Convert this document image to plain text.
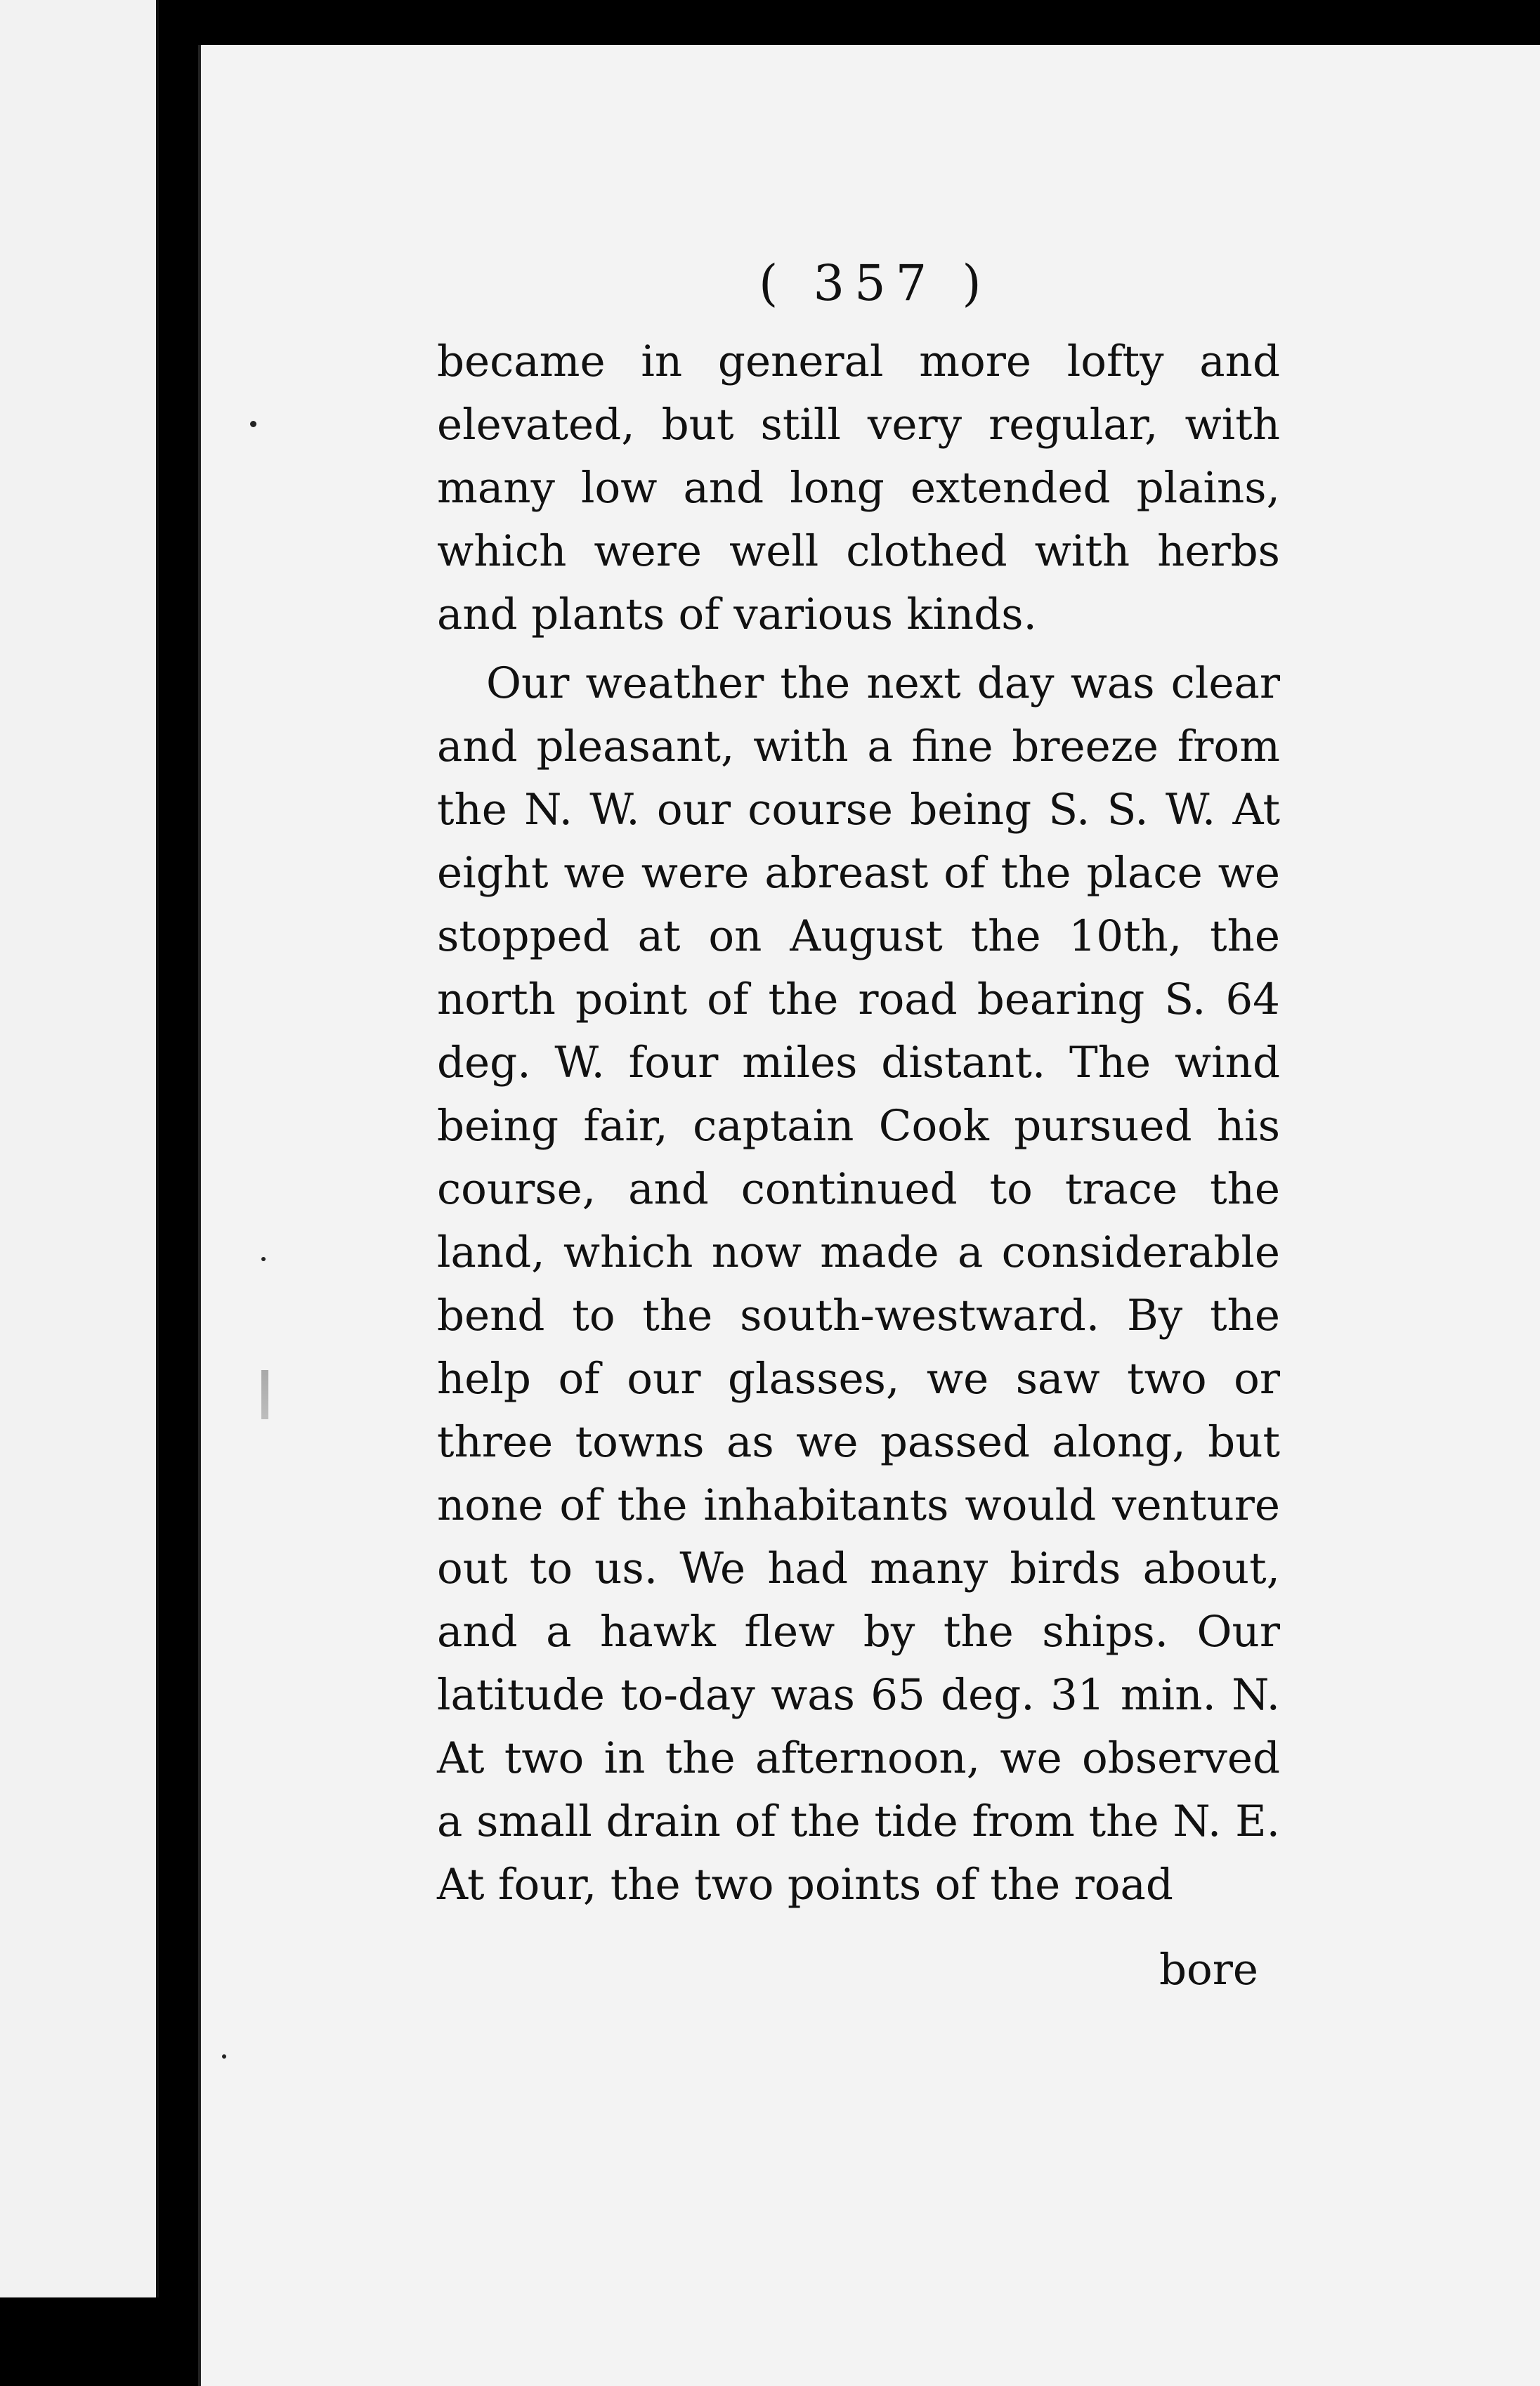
( 357 )

became in general more lofty and elevated, but still very regular, with many low and long extended plains, which were well clothed with herbs and plants of various kinds.

Our weather the next day was clear and pleasant, with a fine breeze from the N. W. our course being S. S. W. At eight we were abreast of the place we stopped at on August the 10th, the north point of the road bearing S. 64 deg. W. four miles distant. The wind being fair, captain Cook pursued his course, and continued to trace the land, which now made a considerable bend to the south-westward. By the help of our glasses, we saw two or three towns as we passed along, but none of the inhabitants would venture out to us. We had many birds about, and a hawk flew by the ships. Our latitude to-day was 65 deg. 31 min. N. At two in the afternoon, we observed a small drain of the tide from the N. E. At four, the two points of the road

bore
